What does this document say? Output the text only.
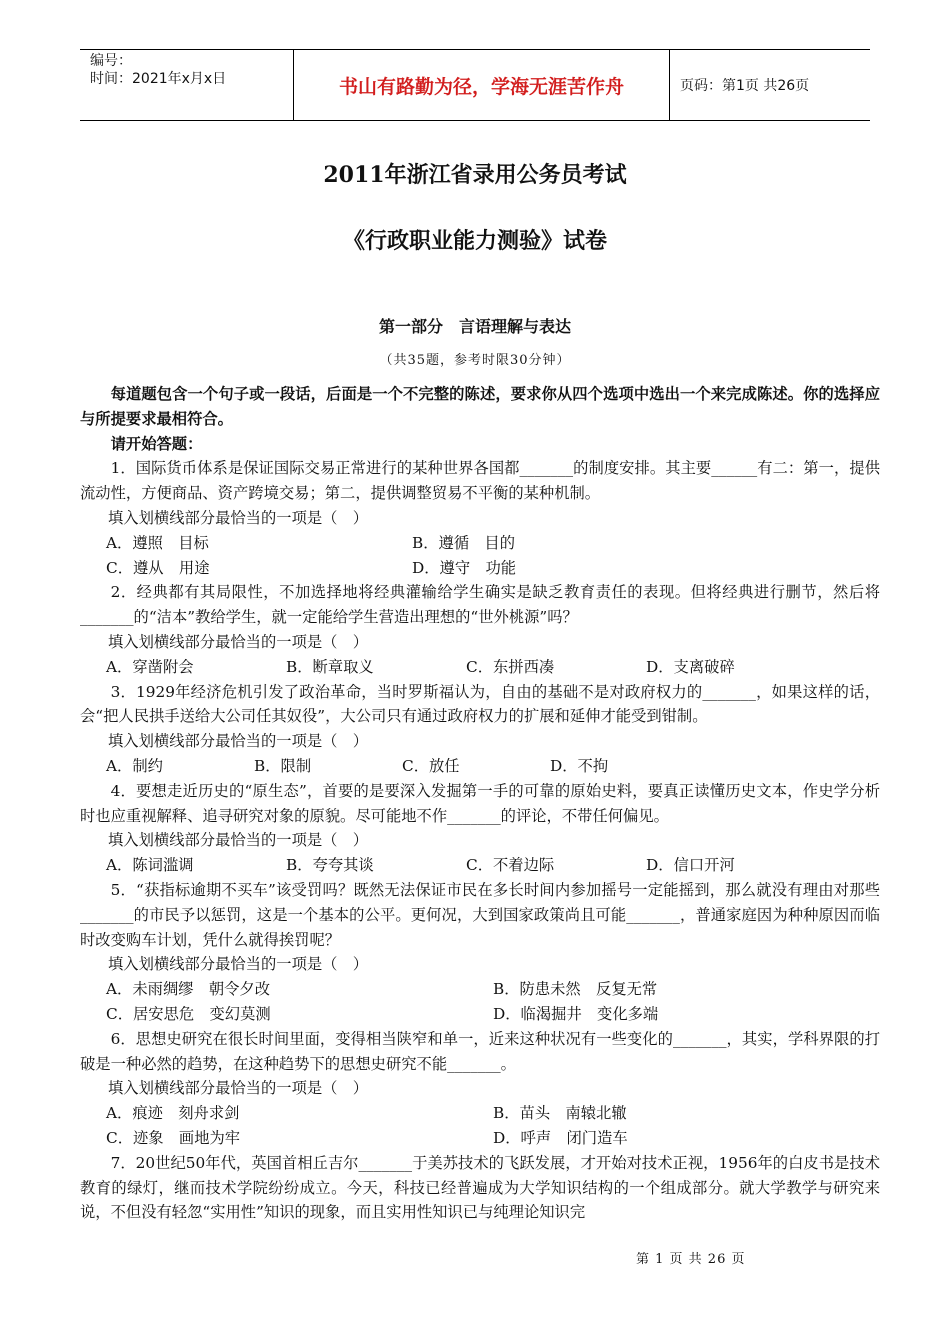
编号：
时间：2021年x月x日	书山有路勤为径，学海无涯苦作舟	页码：第1页 共26页
2011年浙江省录用公务员考试
《行政职业能力测验》试卷
第一部分　言语理解与表达
（共35题，参考时限30分钟）

每道题包含一个句子或一段话，后面是一个不完整的陈述，要求你从四个选项中选出一个来完成陈述。你的选择应与所提要求最相符合。

请开始答题：

1．国际货币体系是保证国际交易正常进行的某种世界各国都_______的制度安排。其主要______有二：第一，提供流动性，方便商品、资产跨境交易；第二，提供调整贸易不平衡的某种机制。

填入划横线部分最恰当的一项是（　）

A．遵照　目标	B．遵循　目的
C．遵从　用途	D．遵守　功能

2．经典都有其局限性，不加选择地将经典灌输给学生确实是缺乏教育责任的表现。但将经典进行删节，然后将_______的“洁本”教给学生，就一定能给学生营造出理想的“世外桃源”吗？

填入划横线部分最恰当的一项是（　）

A．穿凿附会	B．断章取义	C．东拼西凑	D．支离破碎

3．1929年经济危机引发了政治革命，当时罗斯福认为，自由的基础不是对政府权力的_______，如果这样的话，会“把人民拱手送给大公司任其奴役”，大公司只有通过政府权力的扩展和延伸才能受到钳制。

填入划横线部分最恰当的一项是（　）

A．制约	B．限制	C．放任	D．不拘

4．要想走近历史的“原生态”，首要的是要深入发掘第一手的可靠的原始史料，要真正读懂历史文本，作史学分析时也应重视解释、追寻研究对象的原貌。尽可能地不作_______的评论，不带任何偏见。

填入划横线部分最恰当的一项是（　）

A．陈词滥调	B．夸夸其谈	C．不着边际	D．信口开河

5．“获指标逾期不买车”该受罚吗？既然无法保证市民在多长时间内参加摇号一定能摇到，那么就没有理由对那些_______的市民予以惩罚，这是一个基本的公平。更何况，大到国家政策尚且可能_______，普通家庭因为种种原因而临时改变购车计划，凭什么就得挨罚呢？

填入划横线部分最恰当的一项是（　）

A．未雨绸缪　朝令夕改	B．防患未然　反复无常
C．居安思危　变幻莫测	D．临渴掘井　变化多端

6．思想史研究在很长时间里面，变得相当陕窄和单一，近来这种状况有一些变化的_______，其实，学科界限的打破是一种必然的趋势，在这种趋势下的思想史研究不能_______。

填入划横线部分最恰当的一项是（　）

A．痕迹　刻舟求剑	B．苗头　南辕北辙
C．迹象　画地为牢	D．呼声　闭门造车

7．20世纪50年代，英国首相丘吉尔_______于美苏技术的飞跃发展，才开始对技术正视，1956年的白皮书是技术教育的绿灯，继而技术学院纷纷成立。今天，科技已经普遍成为大学知识结构的一个组成部分。就大学教学与研究来说，不但没有轻忽“实用性”知识的现象，而且实用性知识已与纯理论知识完

第 1 页 共 26 页
